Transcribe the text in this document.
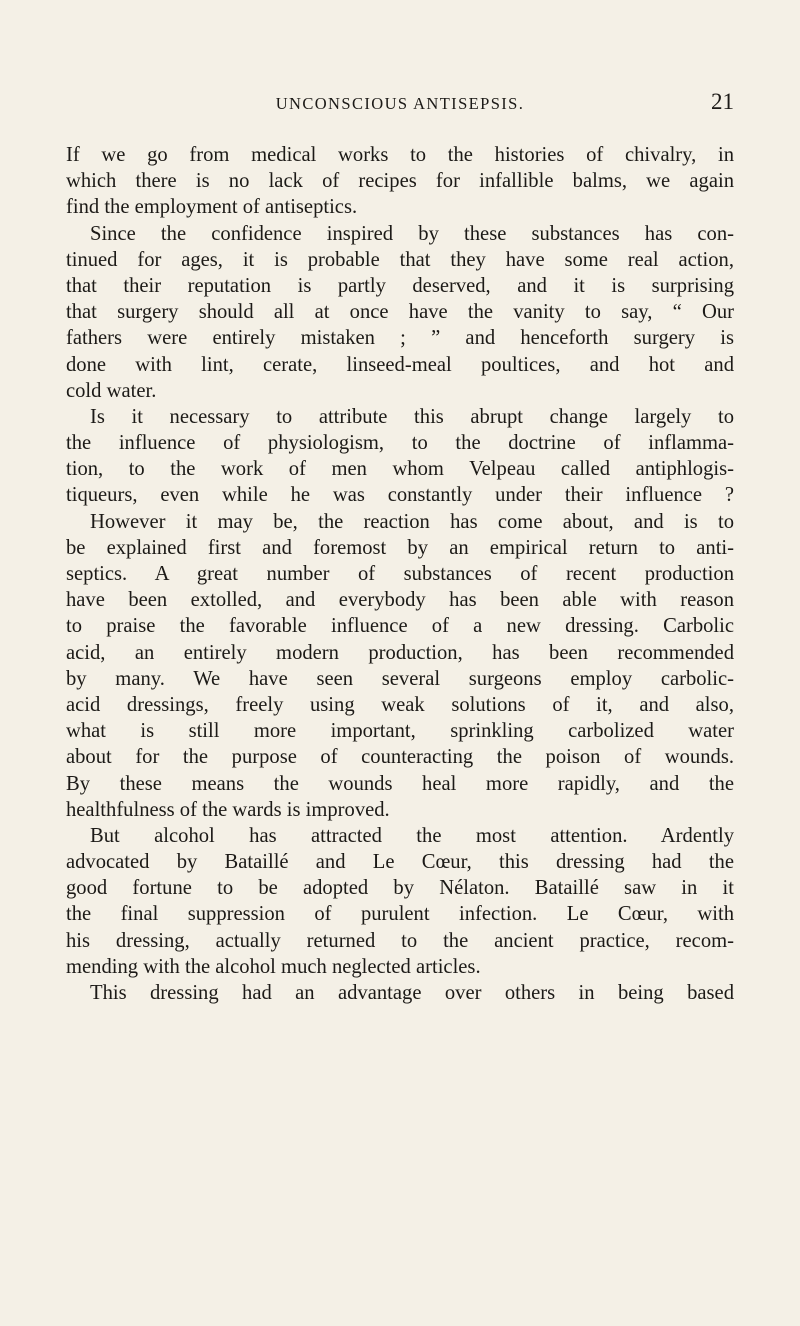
UNCONSCIOUS ANTISEPSIS.	21
If we go from medical works to the histories of chivalry, in
which there is no lack of recipes for infallible balms, we again
find the employment of antiseptics.
Since the confidence inspired by these substances has con-
tinued for ages, it is probable that they have some real action,
that their reputation is partly deserved, and it is surprising
that surgery should all at once have the vanity to say, “ Our
fathers were entirely mistaken ; ” and henceforth surgery is
done with lint, cerate, linseed-meal poultices, and hot and
cold water.
Is it necessary to attribute this abrupt change largely to
the influence of physiologism, to the doctrine of inflamma-
tion, to the work of men whom Velpeau called antiphlogis-
tiqueurs, even while he was constantly under their influence ?
However it may be, the reaction has come about, and is to
be explained first and foremost by an empirical return to anti-
septics. A great number of substances of recent production
have been extolled, and everybody has been able with reason
to praise the favorable influence of a new dressing. Carbolic
acid, an entirely modern production, has been recommended
by many. We have seen several surgeons employ carbolic-
acid dressings, freely using weak solutions of it, and also,
what is still more important, sprinkling carbolized water
about for the purpose of counteracting the poison of wounds.
By these means the wounds heal more rapidly, and the
healthfulness of the wards is improved.
But alcohol has attracted the most attention. Ardently
advocated by Bataillé and Le Cœur, this dressing had the
good fortune to be adopted by Nélaton. Bataillé saw in it
the final suppression of purulent infection. Le Cœur, with
his dressing, actually returned to the ancient practice, recom-
mending with the alcohol much neglected articles.
This dressing had an advantage over others in being based
